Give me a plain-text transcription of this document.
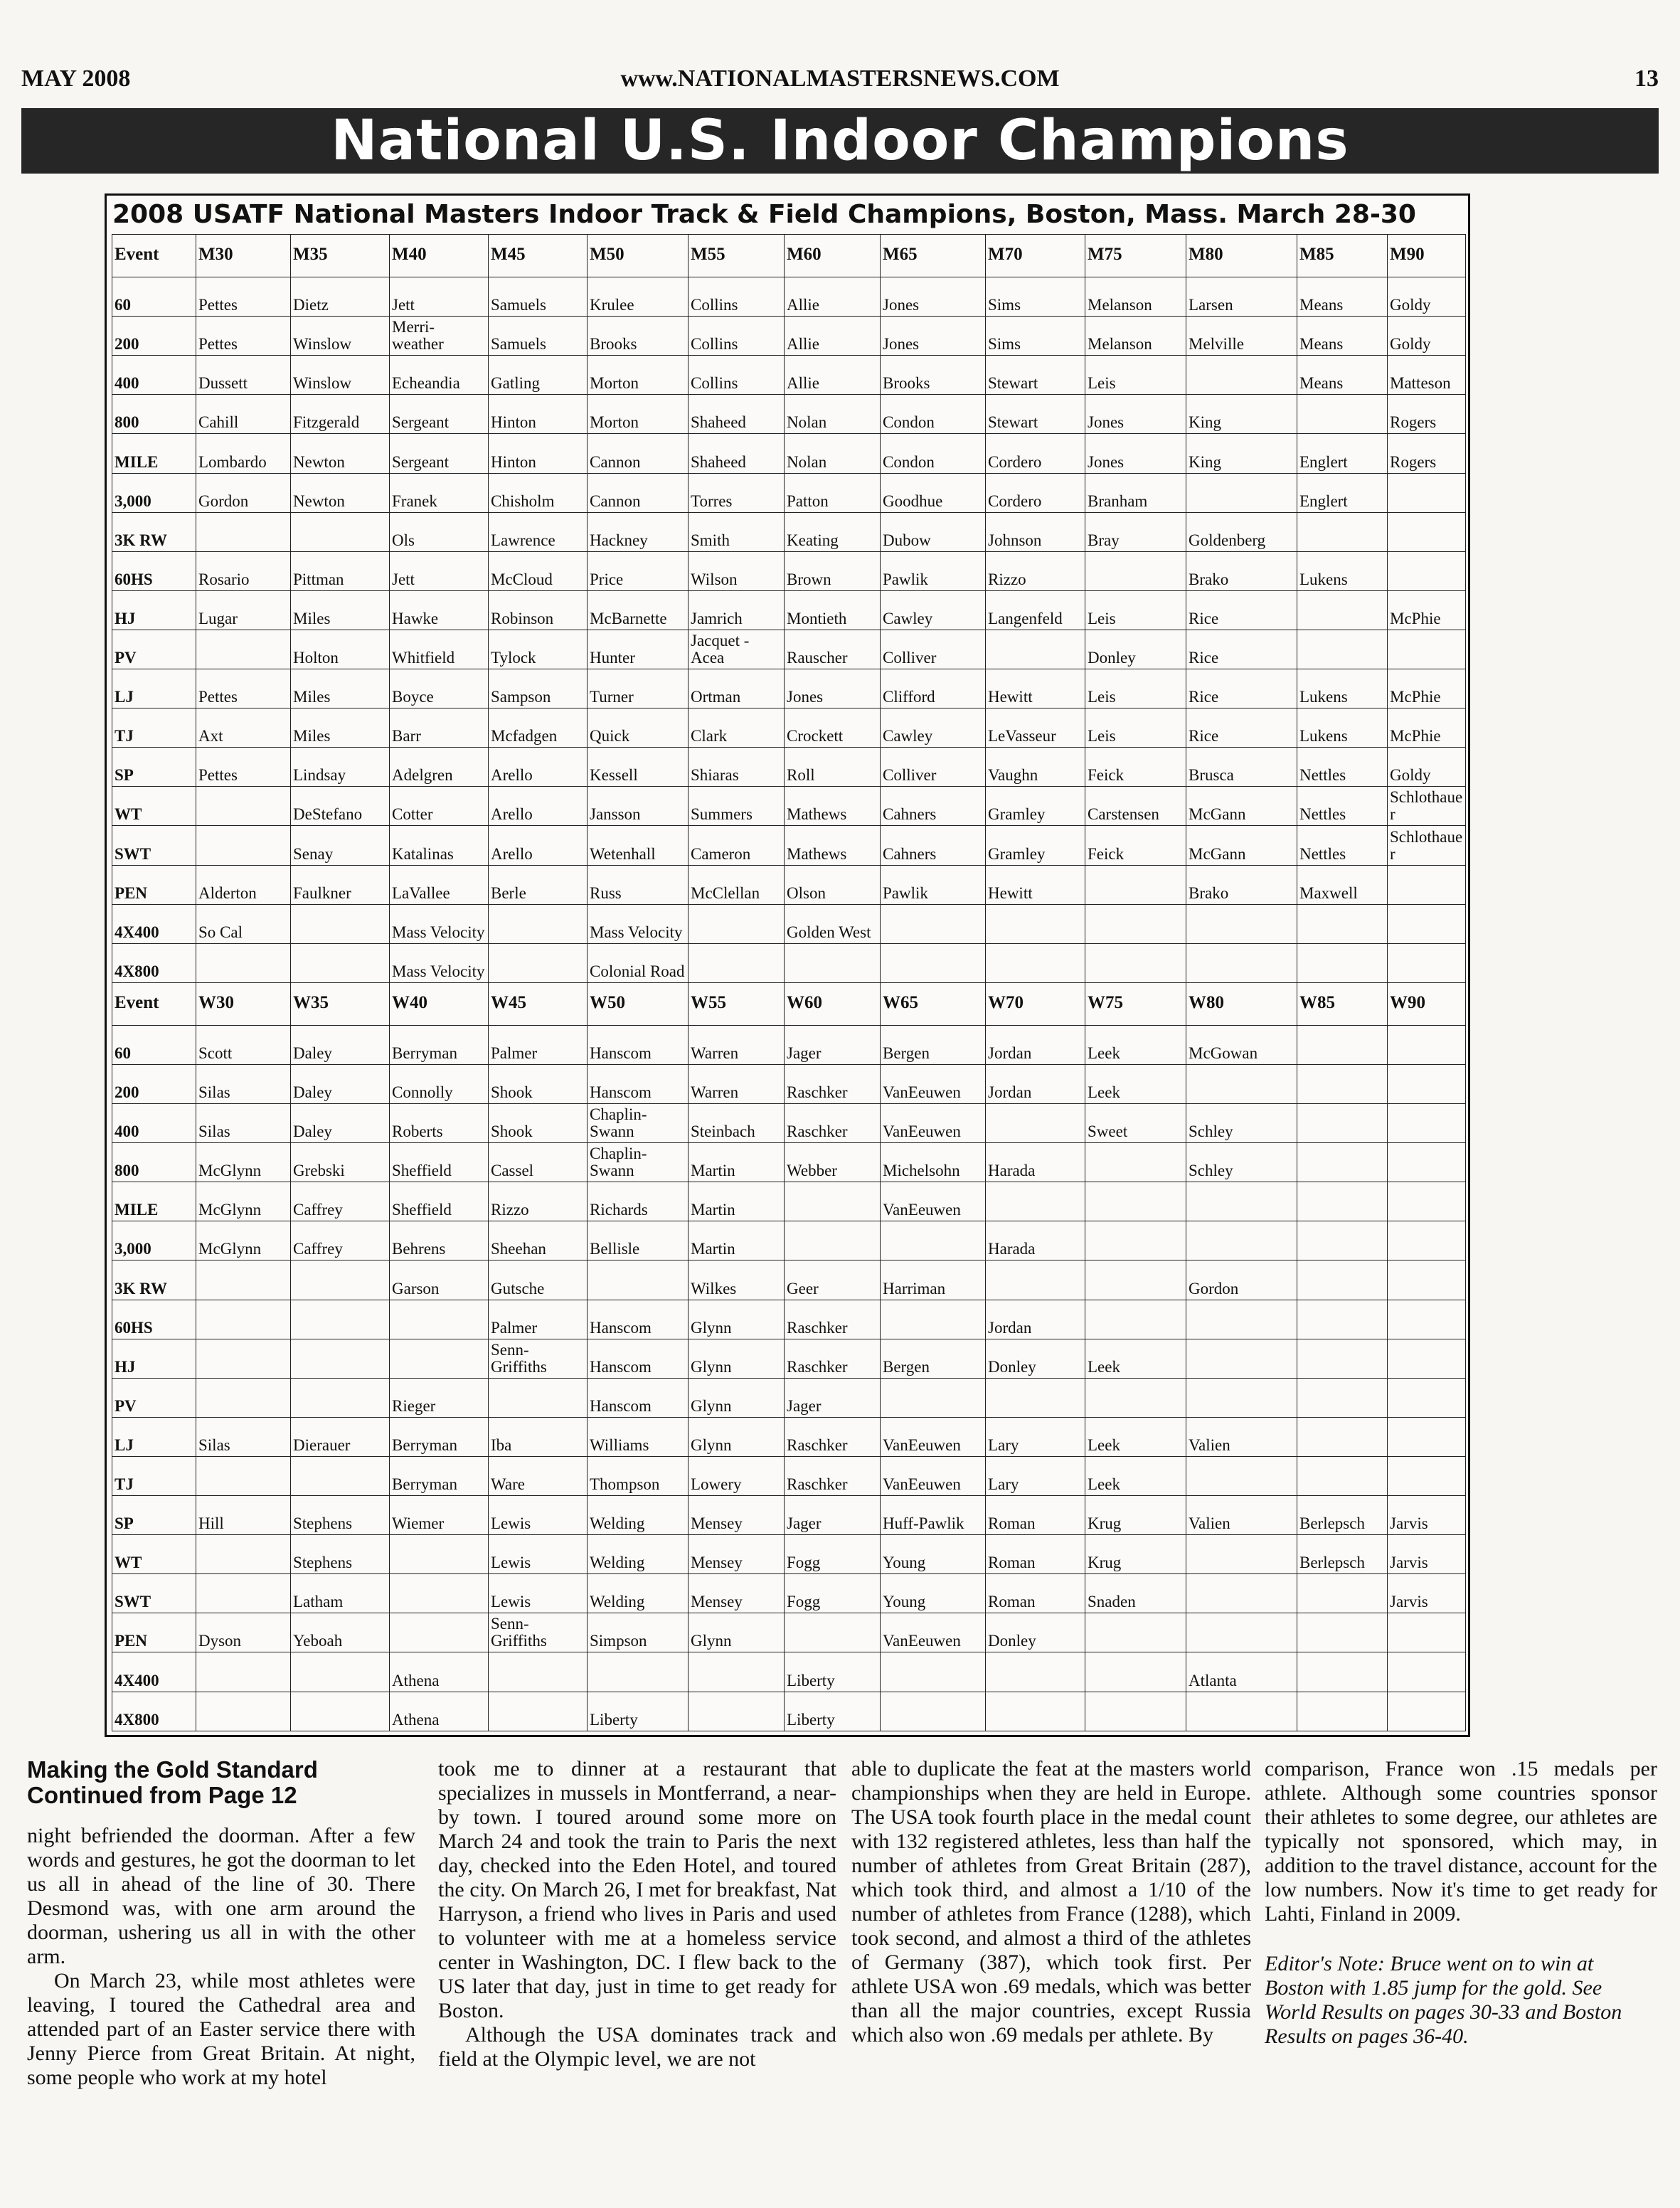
MAY 2008	www.NATIONALMASTERSNEWS.COM	13
National U.S. Indoor Champions
2008 USATF National Masters Indoor Track & Field Champions, Boston, Mass. March 28-30
Event	M30	M35	M40	M45	M50	M55	M60	M65	M70	M75	M80	M85	M90
60	Pettes	Dietz	Jett	Samuels	Krulee	Collins	Allie	Jones	Sims	Melanson	Larsen	Means	Goldy
200	Pettes	Winslow	Merri-weather	Samuels	Brooks	Collins	Allie	Jones	Sims	Melanson	Melville	Means	Goldy
400	Dussett	Winslow	Echeandia	Gatling	Morton	Collins	Allie	Brooks	Stewart	Leis		Means	Matteson
800	Cahill	Fitzgerald	Sergeant	Hinton	Morton	Shaheed	Nolan	Condon	Stewart	Jones	King		Rogers
MILE	Lombardo	Newton	Sergeant	Hinton	Cannon	Shaheed	Nolan	Condon	Cordero	Jones	King	Englert	Rogers
3,000	Gordon	Newton	Franek	Chisholm	Cannon	Torres	Patton	Goodhue	Cordero	Branham		Englert	
3K RW			Ols	Lawrence	Hackney	Smith	Keating	Dubow	Johnson	Bray	Goldenberg		
60HS	Rosario	Pittman	Jett	McCloud	Price	Wilson	Brown	Pawlik	Rizzo		Brako	Lukens	
HJ	Lugar	Miles	Hawke	Robinson	McBarnette	Jamrich	Montieth	Cawley	Langenfeld	Leis	Rice		McPhie
PV		Holton	Whitfield	Tylock	Hunter	Jacquet -Acea	Rauscher	Colliver		Donley	Rice		
LJ	Pettes	Miles	Boyce	Sampson	Turner	Ortman	Jones	Clifford	Hewitt	Leis	Rice	Lukens	McPhie
TJ	Axt	Miles	Barr	Mcfadgen	Quick	Clark	Crockett	Cawley	LeVasseur	Leis	Rice	Lukens	McPhie
SP	Pettes	Lindsay	Adelgren	Arello	Kessell	Shiaras	Roll	Colliver	Vaughn	Feick	Brusca	Nettles	Goldy
WT		DeStefano	Cotter	Arello	Jansson	Summers	Mathews	Cahners	Gramley	Carstensen	McGann	Nettles	Schlothauer
SWT		Senay	Katalinas	Arello	Wetenhall	Cameron	Mathews	Cahners	Gramley	Feick	McGann	Nettles	Schlothauer
PEN	Alderton	Faulkner	LaVallee	Berle	Russ	McClellan	Olson	Pawlik	Hewitt		Brako	Maxwell	
4X400	So Cal		Mass Velocity		Mass Velocity		Golden West						
4X800			Mass Velocity		Colonial Road								
Event	W30	W35	W40	W45	W50	W55	W60	W65	W70	W75	W80	W85	W90
60	Scott	Daley	Berryman	Palmer	Hanscom	Warren	Jager	Bergen	Jordan	Leek	McGowan		
200	Silas	Daley	Connolly	Shook	Hanscom	Warren	Raschker	VanEeuwen	Jordan	Leek			
400	Silas	Daley	Roberts	Shook	Chaplin-Swann	Steinbach	Raschker	VanEeuwen		Sweet	Schley		
800	McGlynn	Grebski	Sheffield	Cassel	Chaplin-Swann	Martin	Webber	Michelsohn	Harada		Schley		
MILE	McGlynn	Caffrey	Sheffield	Rizzo	Richards	Martin		VanEeuwen					
3,000	McGlynn	Caffrey	Behrens	Sheehan	Bellisle	Martin			Harada				
3K RW			Garson	Gutsche		Wilkes	Geer	Harriman			Gordon		
60HS				Palmer	Hanscom	Glynn	Raschker		Jordan				
HJ				Senn-Griffiths	Hanscom	Glynn	Raschker	Bergen	Donley	Leek			
PV			Rieger		Hanscom	Glynn	Jager						
LJ	Silas	Dierauer	Berryman	Iba	Williams	Glynn	Raschker	VanEeuwen	Lary	Leek	Valien		
TJ			Berryman	Ware	Thompson	Lowery	Raschker	VanEeuwen	Lary	Leek			
SP	Hill	Stephens	Wiemer	Lewis	Welding	Mensey	Jager	Huff-Pawlik	Roman	Krug	Valien	Berlepsch	Jarvis
WT		Stephens		Lewis	Welding	Mensey	Fogg	Young	Roman	Krug		Berlepsch	Jarvis
SWT		Latham		Lewis	Welding	Mensey	Fogg	Young	Roman	Snaden			Jarvis
PEN	Dyson	Yeboah		Senn-Griffiths	Simpson	Glynn		VanEeuwen	Donley				
4X400			Athena				Liberty				Atlanta		
4X800			Athena		Liberty		Liberty						
Making the Gold Standard
Continued from Page 12

night befriended the doorman. After a few words and gestures, he got the doorman to let us all in ahead of the line of 30. There Desmond was, with one arm around the doorman, ushering us all in with the other arm.

On March 23, while most athletes were leaving, I toured the Cathedral area and attended part of an Easter service there with Jenny Pierce from Great Britain. At night, some people who work at my hotel

took me to dinner at a restaurant that specializes in mussels in Montferrand, a near-by town. I toured around some more on March 24 and took the train to Paris the next day, checked into the Eden Hotel, and toured the city. On March 26, I met for breakfast, Nat Harryson, a friend who lives in Paris and used to volunteer with me at a homeless service center in Washington, DC. I flew back to the US later that day, just in time to get ready for Boston.

Although the USA dominates track and field at the Olympic level, we are not

able to duplicate the feat at the masters world championships when they are held in Europe. The USA took fourth place in the medal count with 132 registered athletes, less than half the number of athletes from Great Britain (287), which took third, and almost a 1/10 of the number of athletes from France (1288), which took second, and almost a third of the athletes of Germany (387), which took first. Per athlete USA won .69 medals, which was better than all the major countries, except Russia which also won .69 medals per athlete. By

comparison, France won .15 medals per athlete. Although some countries sponsor their athletes to some degree, our athletes are typically not sponsored, which may, in addition to the travel distance, account for the low numbers. Now it's time to get ready for Lahti, Finland in 2009.

Editor's Note: Bruce went on to win at Boston with 1.85 jump for the gold. See World Results on pages 30-33 and Boston Results on pages 36-40.
